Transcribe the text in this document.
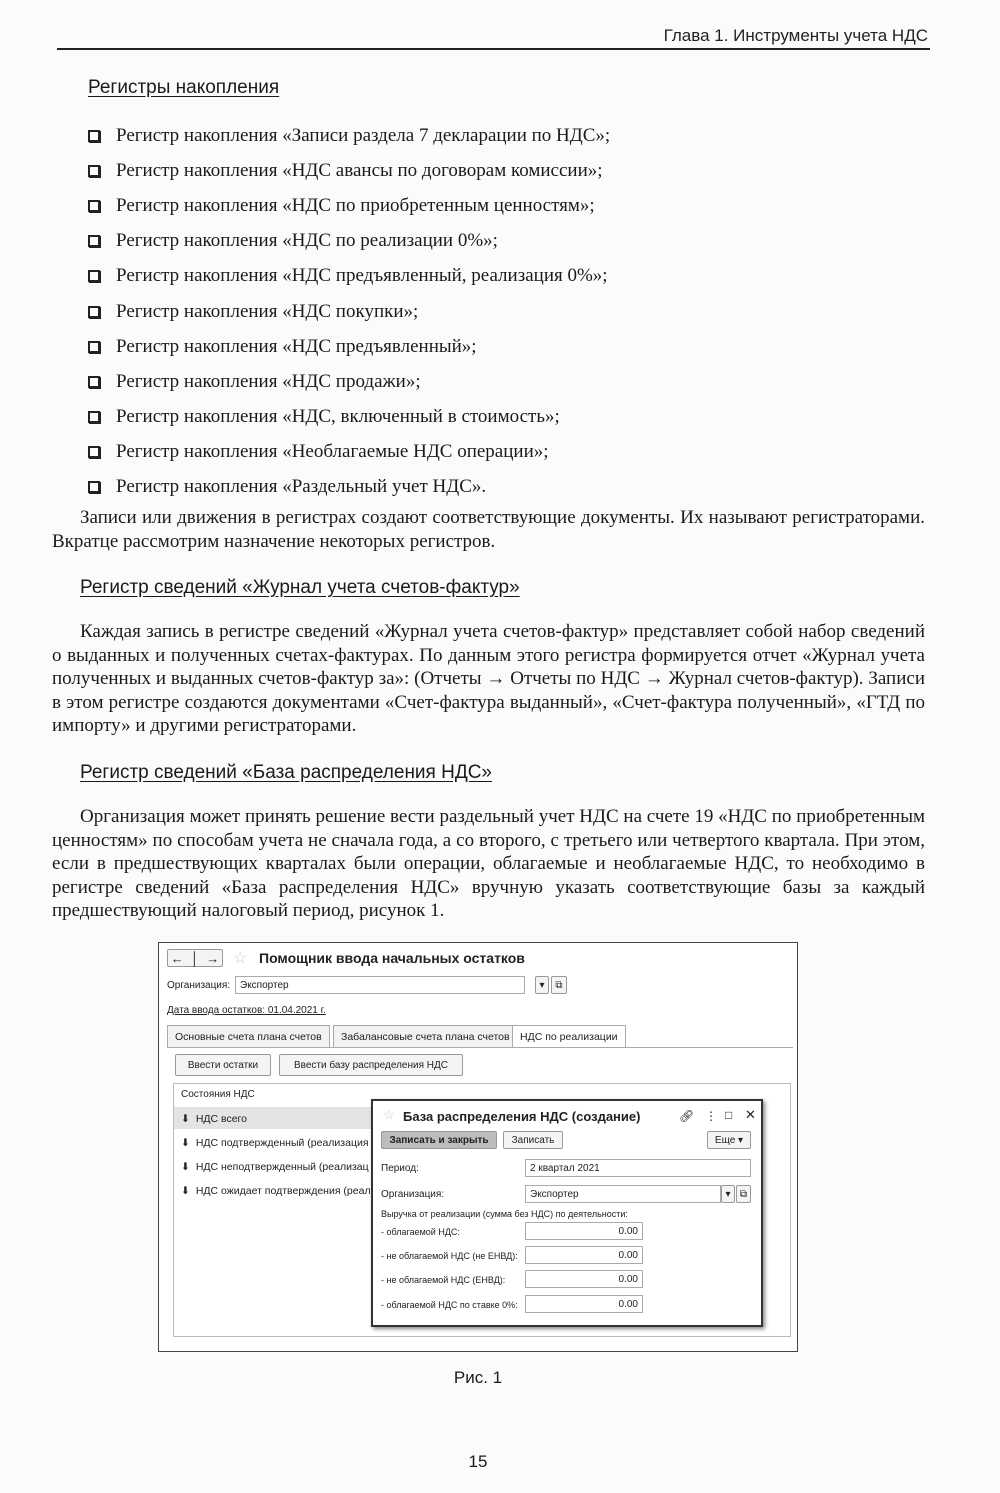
Глава 1. Инструменты учета НДС
Регистры накопления
Регистр накопления «Записи раздела 7 декларации по НДС»;
Регистр накопления «НДС авансы по договорам комиссии»;
Регистр накопления «НДС по приобретенным ценностям»;
Регистр накопления «НДС по реализации 0%»;
Регистр накопления «НДС предъявленный, реализация 0%»;
Регистр накопления «НДС покупки»;
Регистр накопления «НДС предъявленный»;
Регистр накопления «НДС продажи»;
Регистр накопления «НДС, включенный в стоимость»;
Регистр накопления «Необлагаемые НДС операции»;
Регистр накопления «Раздельный учет НДС».

Записи или движения в регистрах создают соответствующие документы. Их называют регистраторами. Вкратце рассмотрим назначение некоторых регистров.

Регистр сведений «Журнал учета счетов-фактур»

Каждая запись в регистре сведений «Журнал учета счетов-фактур» представляет собой набор сведений о выданных и полученных счетах-фактурах. По данным этого регистра формируется отчет «Журнал учета полученных и выданных счетов-фактур за»: (Отчеты → Отчеты по НДС → Журнал счетов-фактур). Записи в этом регистре создаются документами «Счет-фактура выданный», «Счет-фактура полученный», «ГТД по импорту» и другими регистраторами.

Регистр сведений «База распределения НДС»

Организация может принять решение вести раздельный учет НДС на счете 19 «НДС по приобретенным ценностям» по способам учета не сначала года, а со второго, с третьего или четвертого квартала. При этом, если в предшествующих кварталах были операции, облагаемые и необлагаемые НДС, то необходимо в регистре сведений «База распределения НДС» вручную указать соответствующие базы за каждый предшествующий налоговый период, рисунок 1.

← │ → ☆ Помощник ввода начальных остатков
Организация: Экспортер	▾	⧉
Дата ввода остатков: 01.04.2021 г.
Основные счета плана счетов	Забалансовые счета плана счетов НДС по реализации
Ввести остатки	Ввести базу распределения НДС
Состояния НДС
⬇ НДС всего
⬇ НДС подтвержденный (реализация
⬇ НДС неподтвержденный (реализац
⬇ НДС ожидает подтверждения (реал
☆ База распределения НДС (создание)	🔗︎ ⋮ □ ✕
Записать и закрыть	Записать	Еще ▾
Период:	2 квартал 2021
Организация:	Экспортер	▾ ⧉
Выручка от реализации (сумма без НДС) по деятельности:
- облагаемой НДС:	0.00
- не облагаемой НДС (не ЕНВД):	0.00
- не облагаемой НДС (ЕНВД):	0.00
- облагаемой НДС по ставке 0%:	0.00
Рис. 1
15
